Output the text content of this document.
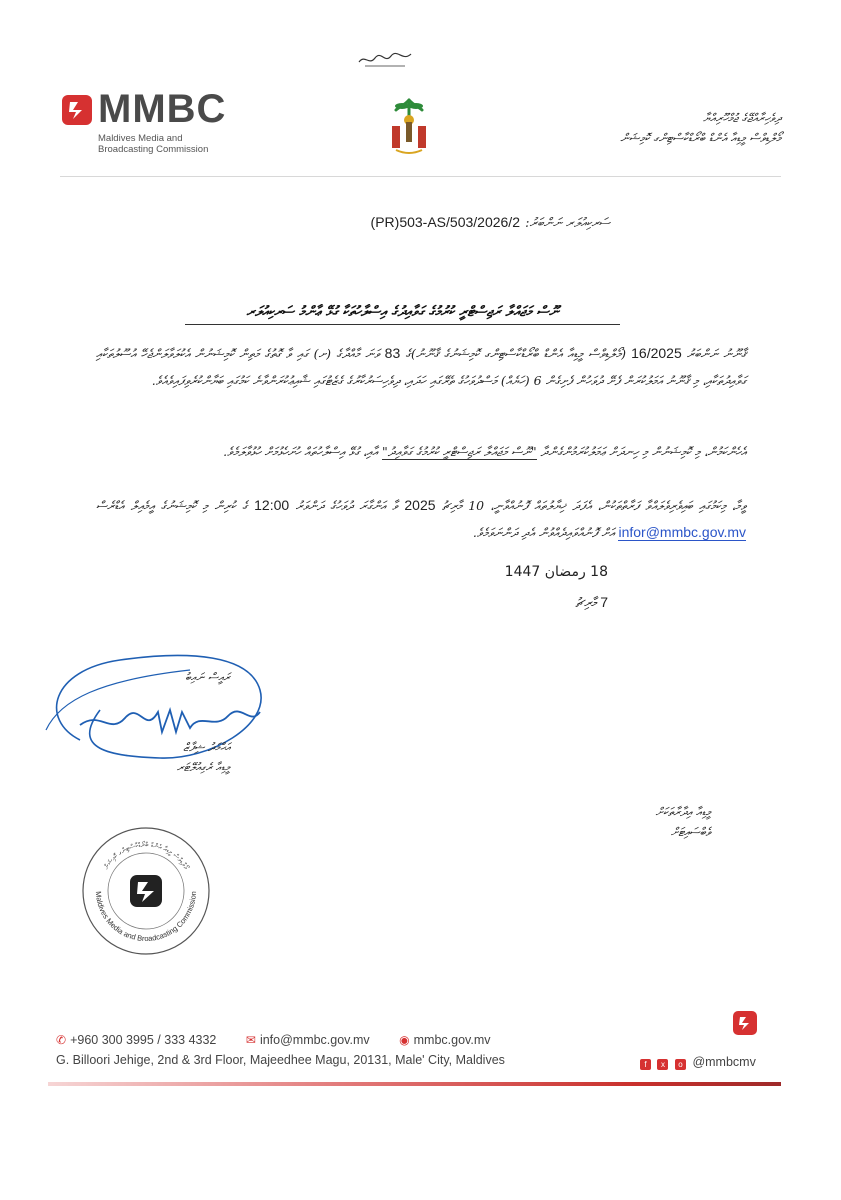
MMBC
Maldives Media and
Broadcasting Commission
ދިވެހިރާއްޖޭގެ ޖުމްހޫރިއްޔާ
މޯލްޑިވްސް މީޑިއާ އެންޑް ބްރޯޑްކާސްޓިންގ ކޮމިޝަން
ސަރކިއުލަރ ނަންބަރު: (PR)503-AS/503/2026/2
ނޫސް މަޖައްލާ ރަޖިސްޓްރީ ކުރުމުގެ ގަވާއިދުގެ އިސްލާހުތަކާ ގުޅޭ ޢާންމު ސަރކިއުލަރ
ޤާނޫނު ނަންބަރު 16/2025 (މޯލްޑިވްސް މީޑިއާ އެންޑް ބްރޯޑްކާސްޓިންގ ކޮމިޝަނުގެ ޤާނޫނު)ގެ 83 ވަނަ މާއްދާގެ (ށ) ގައި ވާ ގޮތުގެ މަތިން ކޮމިޝަނުން އެކުލަވާލަންޖެހޭ އުސޫލުތަކާއި ގަވާއިދުތަކާއި، މި ޤާނޫނު އަމަލުކުރަން ފެށޭ ދުވަހުން ފެށިގެން 6 (ހަޔެއް) މަސްދުވަހުގެ ތެރޭގައި ހަދައި، ދިވެހިސަރުކާރުގެ ގެޒެޓުގައި ޝާއިޢުކުރަންވާނެ ކަމުގައި ބަޔާންކުރެވިފައިވެއެވެ.
އެހެންކަމުން، މި ކޮމިޝަނުން މި ހިނދަށް ޢަމަލުކުރަމުންގެންދާ "ނޫސް މަޖައްލާ ރަޖިސްޓްރީ ކުރުމުގެ ގަވާއިދު" އާއި، ގުޅޭ އިސްލާހުތައް ހުށަހެޅުމަށް ހުޅުވާލަމެވެ.
ވީމާ، މިކަމުގައި ބައިވެރިވެލައްވާ ފަރާތްތަކުން، އެފަދަ ޚިޔާލުތައް ފޮނުއްވާނީ، 10 މާރިޗު 2025 ވާ އަންގާރަ ދުވަހުގެ ދަންވަރު 12:00 ގެ ކުރިން މި ކޮމިޝަނުގެ އީމެއިލް އެޑްރެސް infor@mmbc.gov.mv އަށް ފޮނުއްވައިދެއްވުން އެދި ދަންނަވަމެވެ.
18 رمضان 1447
7 މާރިޗު
ރައީސް ނައިބު
އަޙްމަދު ޝިފާޒް
މީޑިއާ ރެގިއުލޭޓަރ
މީޑިއާ އިދާރާތަކަށް
ވެބްސައިޓަށް
މޯލްޑިވްސް މީޑިއާ އެންޑް ބްރޯޑްކާސްޓިންގ ކޮމިޝަން
Maldives Media and Broadcasting Commission
✆ +960 300 3995 / 333 4332 ✉ info@mmbc.gov.mv ◉ mmbc.gov.mv
G. Billoori Jehige, 2nd & 3rd Floor, Majeedhee Magu, 20131, Male' City, Maldives	f x o @mmbcmv
